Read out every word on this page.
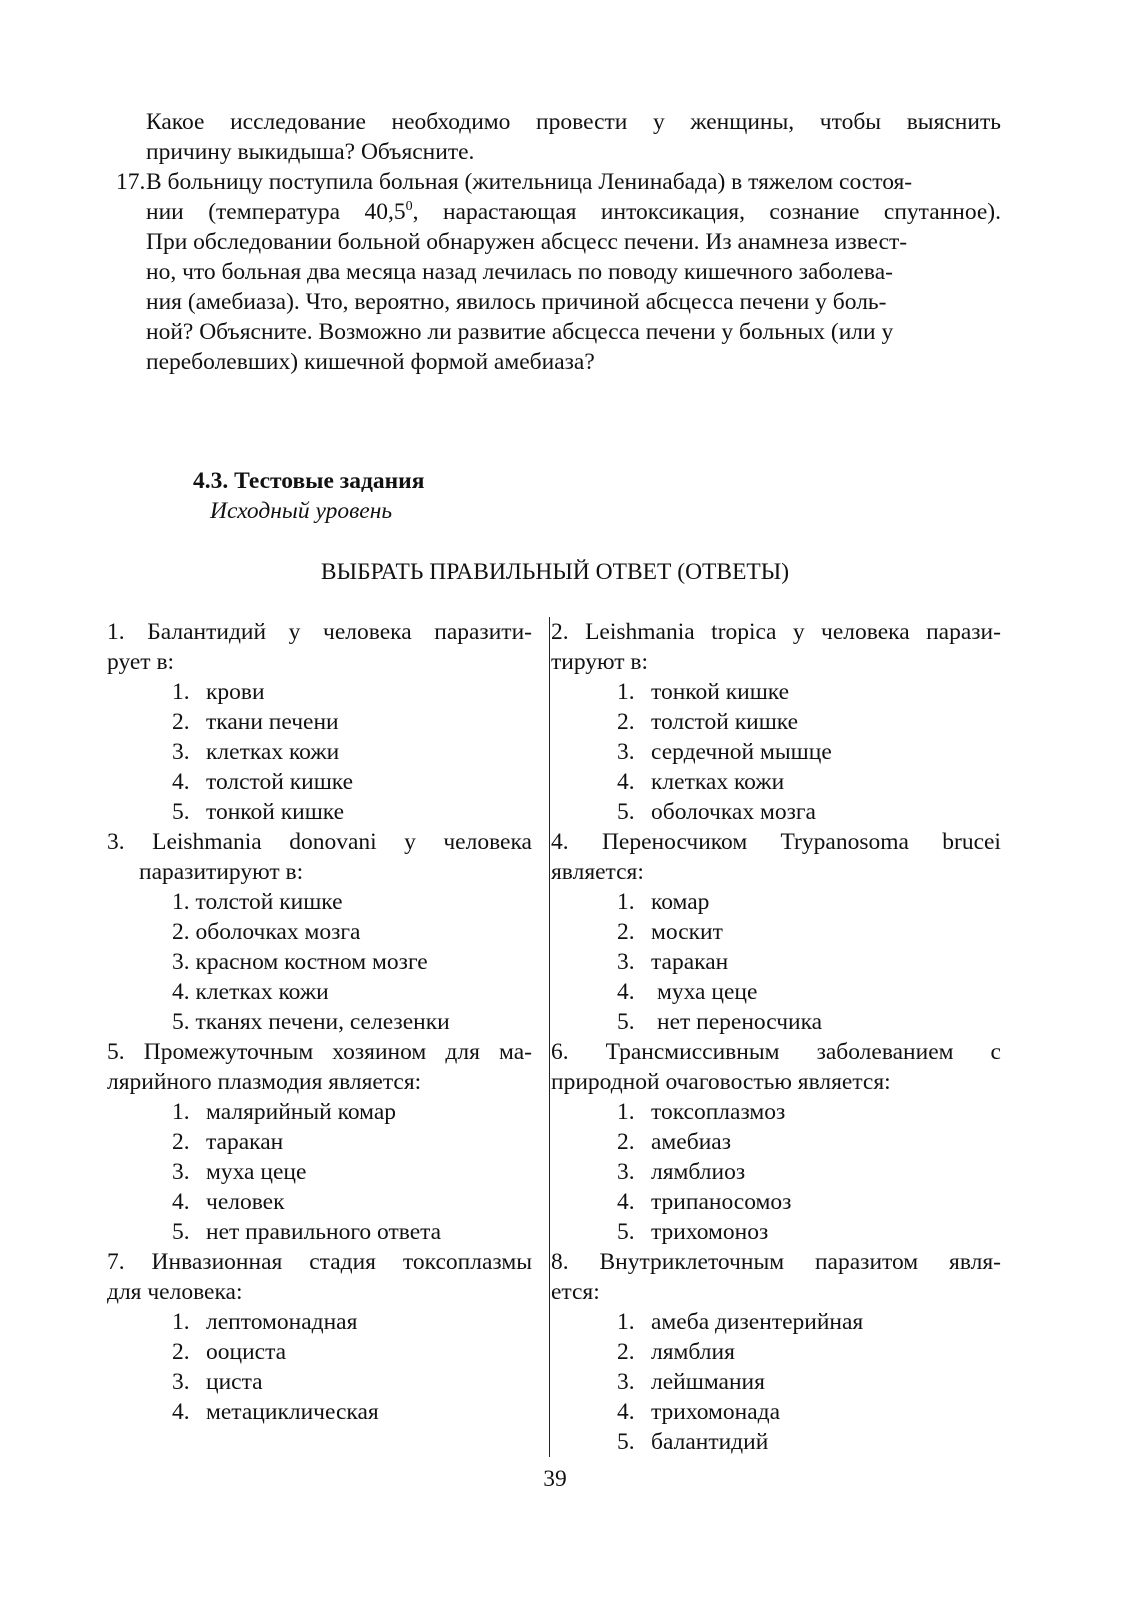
Какое исследование необходимо провести у женщины, чтобы выяснить
причину выкидыша? Объясните.
17. В больницу поступила больная (жительница Ленинабада) в тяжелом состоя-
нии (температура 40,5$^0$, нарастающая интоксикация, сознание спутанное).
При обследовании больной обнаружен абсцесс печени. Из анамнеза извест-
но, что больная два месяца назад лечилась по поводу кишечного заболева-
ния (амебиаза). Что, вероятно, явилось причиной абсцесса печени у боль-
ной? Объясните. Возможно ли развитие абсцесса печени у больных (или у
переболевших) кишечной формой амебиаза?
4.3. Тестовые задания
Исходный уровень
ВЫБРАТЬ ПРАВИЛЬНЫЙ ОТВЕТ (ОТВЕТЫ)
1. Балантидий у человека паразити-
рует в:
1. крови
2. ткани печени
3. клетках кожи
4. толстой кишке
5. тонкой кишке
2. Leishmania tropica у человека парази-
тируют в:
1. тонкой кишке
2. толстой кишке
3. сердечной мышце
4. клетках кожи
5. оболочках мозга
3. Leishmania donovani у человека
паразитируют в:
1. толстой кишке
2. оболочках мозга
3. красном костном мозге
4. клетках кожи
5. тканях печени, селезенки
4. Переносчиком Trypanosoma brucei
является:
1. комар
2. москит
3. таракан
4. муха цеце
5. нет переносчика
5. Промежуточным хозяином для ма-
лярийного плазмодия является:
1. малярийный комар
2. таракан
3. муха цеце
4. человек
5. нет правильного ответа
6. Трансмиссивным заболеванием с
природной очаговостью является:
1. токсоплазмоз
2. амебиаз
3. лямблиоз
4. трипаносомоз
5. трихомоноз
7. Инвазионная стадия токсоплазмы
для человека:
1. лептомонадная
2. ооциста
3. циста
4. метациклическая
8. Внутриклеточным паразитом явля-
ется:
1. амеба дизентерийная
2. лямблия
3. лейшмания
4. трихомонада
5. балантидий
39
